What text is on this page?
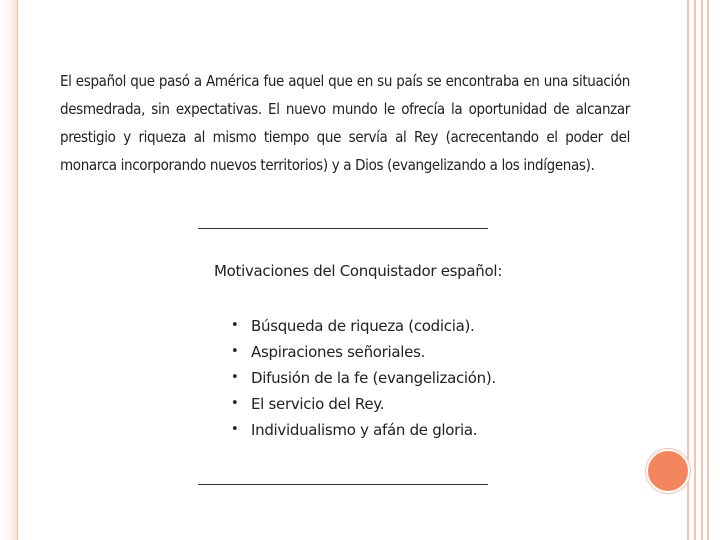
El español que pasó a América fue aquel que en su país se encontraba en una situación desmedrada, sin expectativas. El nuevo mundo le ofrecía la oportunidad de alcanzar prestigio y riqueza al mismo tiempo que servía al Rey (acrecentando el poder del monarca incorporando nuevos territorios) y a Dios (evangelizando a los indígenas).

Motivaciones del Conquistador español:

• Búsqueda de riqueza (codicia).
• Aspiraciones señoriales.
• Difusión de la fe (evangelización).
• El servicio del Rey.
• Individualismo y afán de gloria.
